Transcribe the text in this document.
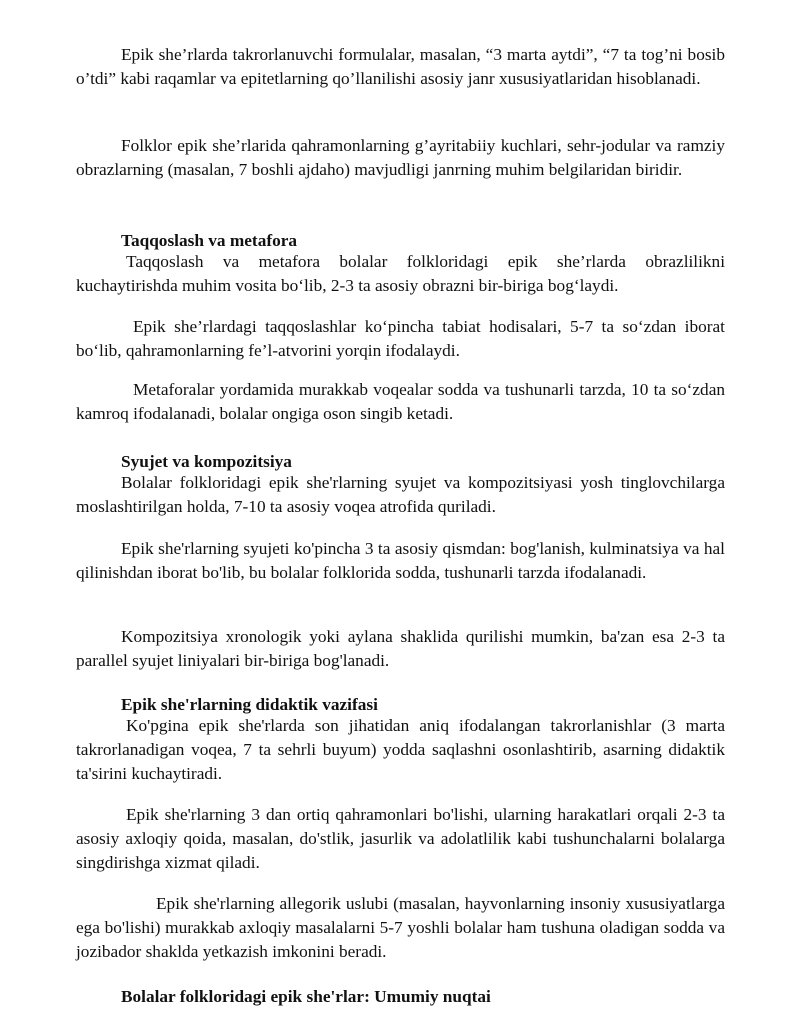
Epik she’rlarda takrorlanuvchi formulalar, masalan, “3 marta aytdi”, “7 ta tog’ni bosib o’tdi” kabi raqamlar va epitetlarning qo’llanilishi asosiy janr xususiyatlaridan hisoblanadi.

Folklor epik she’rlarida qahramonlarning g’ayritabiiy kuchlari, sehr-jodular va ramziy obrazlarning (masalan, 7 boshli ajdaho) mavjudligi janrning muhim belgilaridan biridir.

Taqqoslash va metafora

Taqqoslash va metafora bolalar folkloridagi epik she’rlarda obrazlilikni kuchaytirishda muhim vosita bo‘lib, 2-3 ta asosiy obrazni bir-biriga bog‘laydi.

Epik she’rlardagi taqqoslashlar ko‘pincha tabiat hodisalari, 5-7 ta so‘zdan iborat bo‘lib, qahramonlarning fe’l-atvorini yorqin ifodalaydi.

Metaforalar yordamida murakkab voqealar sodda va tushunarli tarzda, 10 ta so‘zdan kamroq ifodalanadi, bolalar ongiga oson singib ketadi.

Syujet va kompozitsiya

Bolalar folkloridagi epik she'rlarning syujet va kompozitsiyasi yosh tinglovchilarga moslashtirilgan holda, 7-10 ta asosiy voqea atrofida quriladi.

Epik she'rlarning syujeti ko'pincha 3 ta asosiy qismdan: bog'lanish, kulminatsiya va hal qilinishdan iborat bo'lib, bu bolalar folklorida sodda, tushunarli tarzda ifodalanadi.

Kompozitsiya xronologik yoki aylana shaklida qurilishi mumkin, ba'zan esa 2-3 ta parallel syujet liniyalari bir-biriga bog'lanadi.

Epik she'rlarning didaktik vazifasi

Ko'pgina epik she'rlarda son jihatidan aniq ifodalangan takrorlanishlar (3 marta takrorlanadigan voqea, 7 ta sehrli buyum) yodda saqlashni osonlashtirib, asarning didaktik ta'sirini kuchaytiradi.

Epik she'rlarning 3 dan ortiq qahramonlari bo'lishi, ularning harakatlari orqali 2-3 ta asosiy axloqiy qoida, masalan, do'stlik, jasurlik va adolatlilik kabi tushunchalarni bolalarga singdirishga xizmat qiladi.

Epik she'rlarning allegorik uslubi (masalan, hayvonlarning insoniy xususiyatlarga ega bo'lishi) murakkab axloqiy masalalarni 5-7 yoshli bolalar ham tushuna oladigan sodda va jozibador shaklda yetkazish imkonini beradi.

Bolalar folkloridagi epik she'rlar: Umumiy nuqtai
